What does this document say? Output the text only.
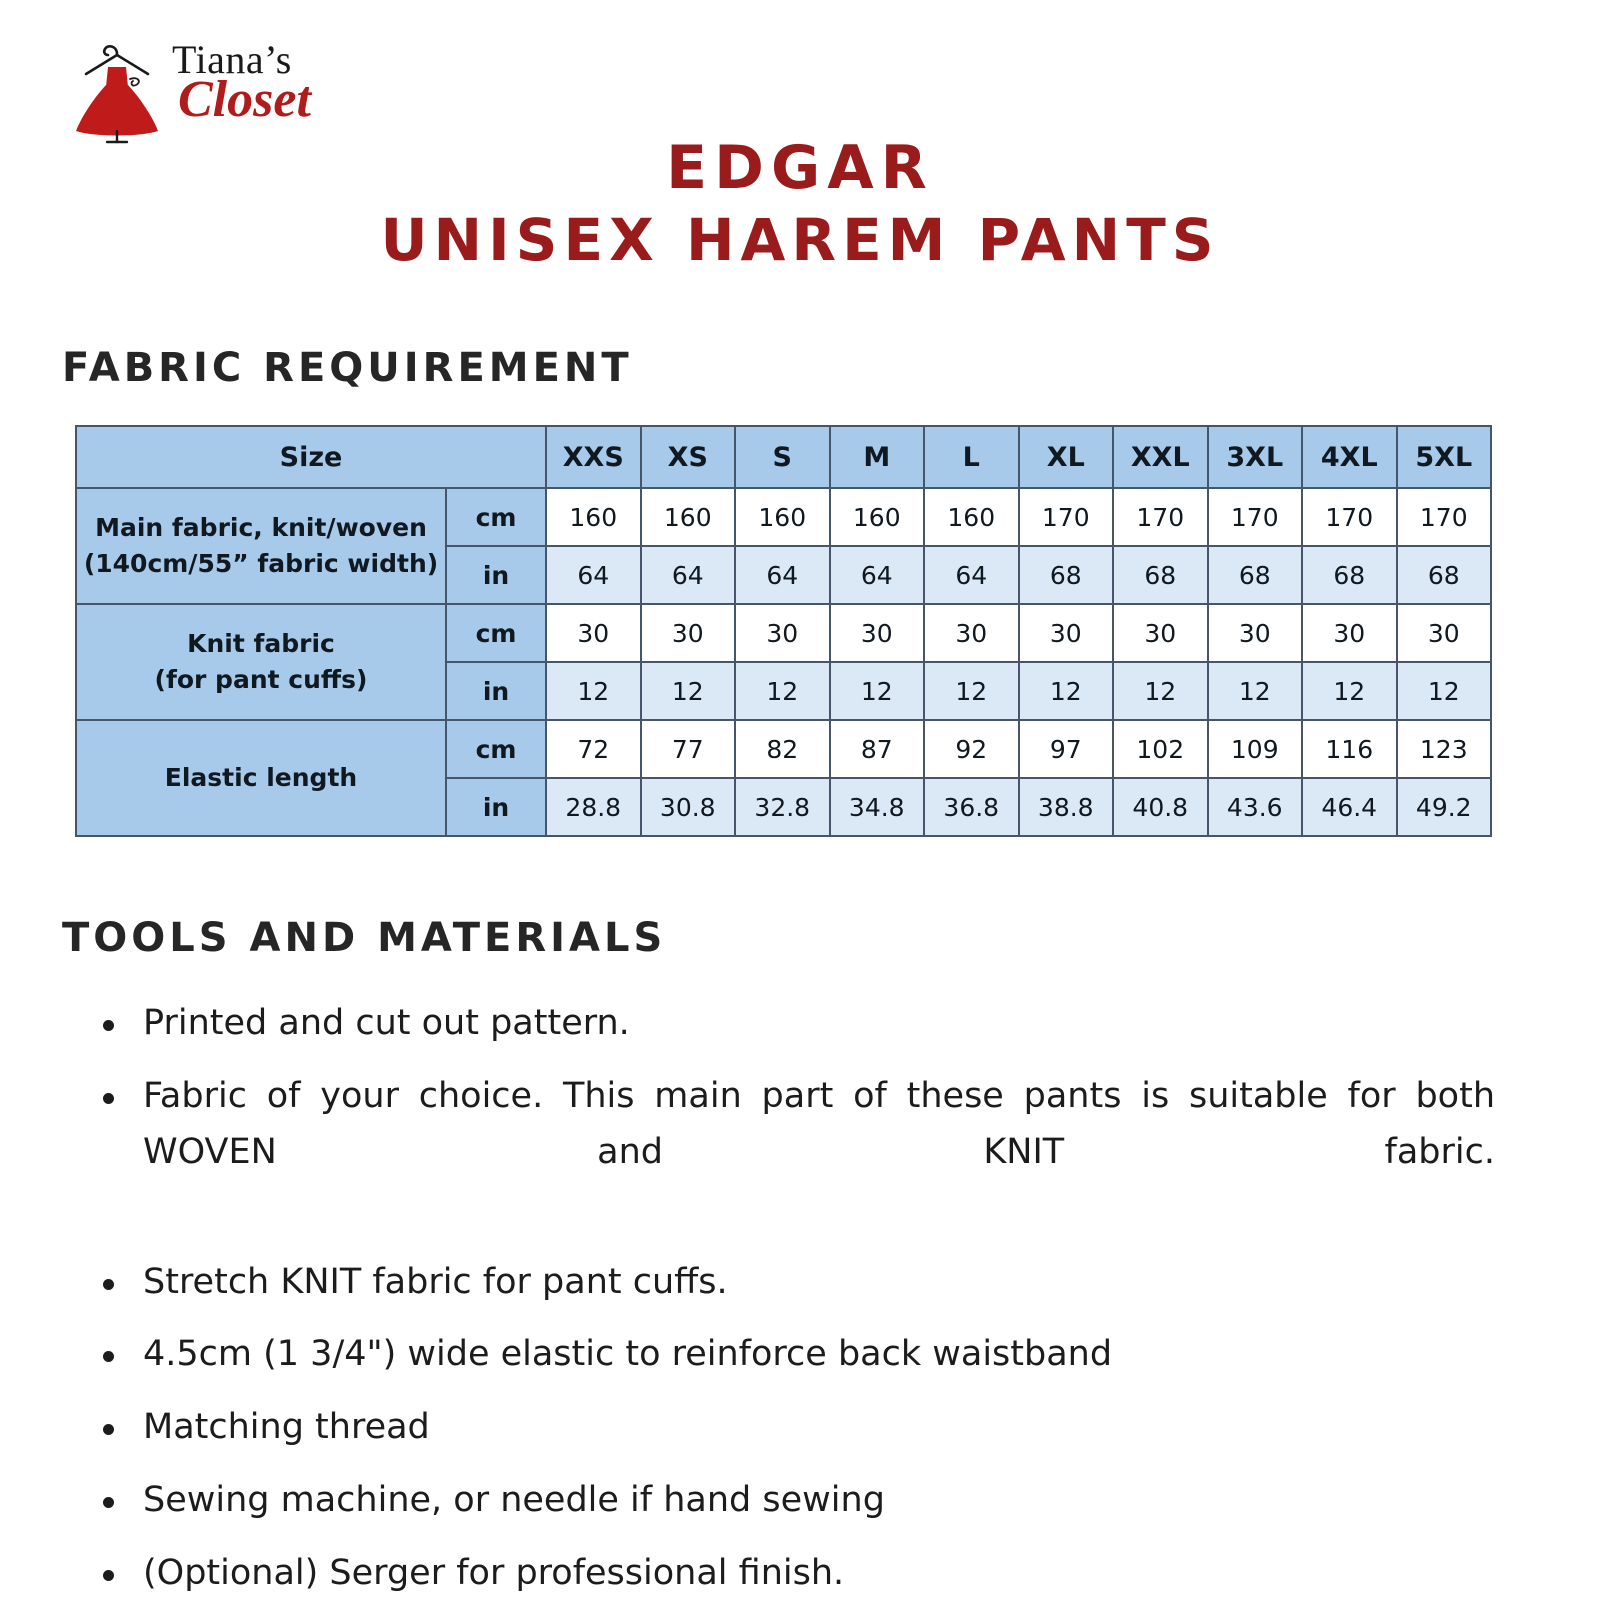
Tiana’s
Closet
EDGAR
UNISEX HAREM PANTS
FABRIC REQUIREMENT
Size		XXS	XS	S	M	L	XL	XXL	3XL	4XL	5XL
Main fabric, knit/woven
(140cm/55” fabric width)	cm	160	160	160	160	160	170	170	170	170	170
	in	64	64	64	64	64	68	68	68	68	68
Knit fabric
(for pant cuffs)	cm	30	30	30	30	30	30	30	30	30	30
	in	12	12	12	12	12	12	12	12	12	12
Elastic length	cm	72	77	82	87	92	97	102	109	116	123
	in	28.8	30.8	32.8	34.8	36.8	38.8	40.8	43.6	46.4	49.2
TOOLS AND MATERIALS
Printed and cut out pattern.
Fabric of your choice. This main part of these pants is suitable for both WOVEN and KNIT fabric.
Stretch KNIT fabric for pant cuffs.
4.5cm (1 3/4") wide elastic to reinforce back waistband
Matching thread
Sewing machine, or needle if hand sewing
(Optional) Serger for professional finish.
